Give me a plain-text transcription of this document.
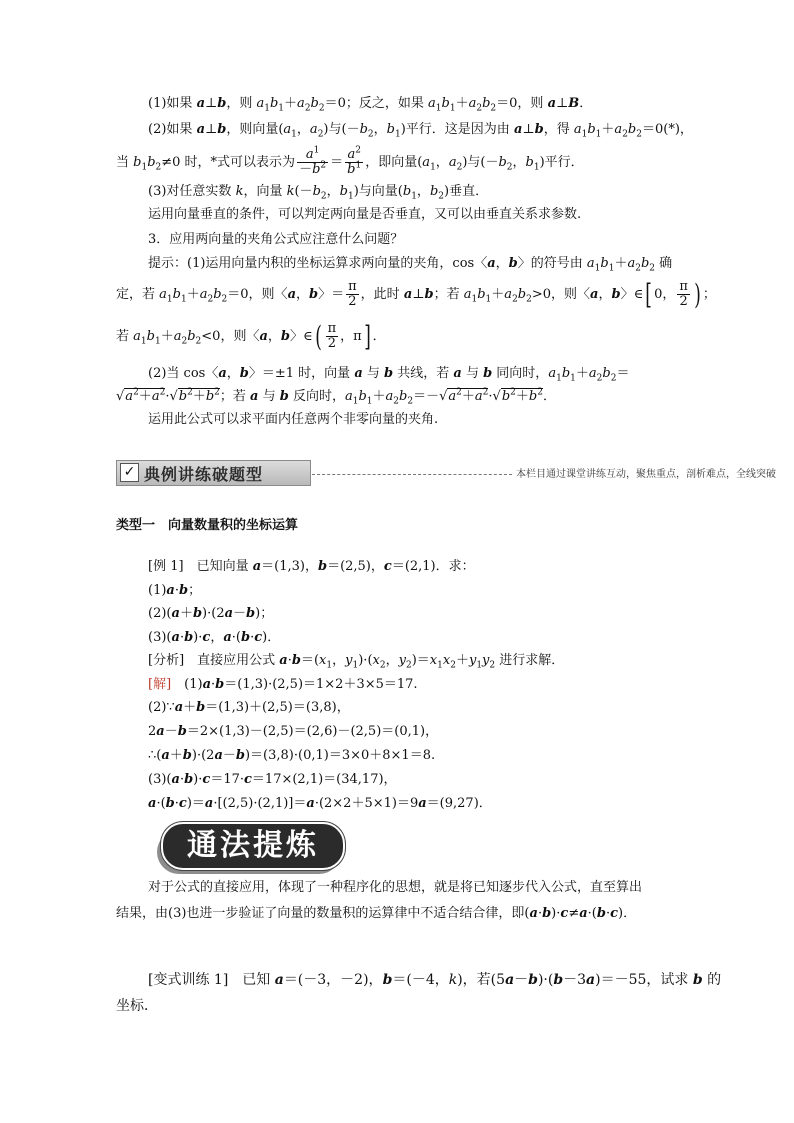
(1)如果 a⊥b，则 $a_1b_1+a_2b_2=0$；反之，如果 $a_1b_1+a_2b_2=0$，则 a⊥B．
(2)如果 a⊥b，则向量($a_1$，$a_2$)与($-b_2$，$b_1$)平行．这是因为由 a⊥b，得 $a_1b_1+a_2b_2=0(*)$，
当 $b_1b_2\ne 0$ 时，*式可以表示为 $\frac{a^1}{-b^2} = \frac{a^2}{b^1}$ ，即向量($a_1$，$a_2$)与($-b_2$，$b_1$)平行．
(3)对任意实数 k，向量 $k(-b_2$，$b_1$)与向量($b_1$，$b_2$)垂直．
运用向量垂直的条件，可以判定两向量是否垂直，又可以由垂直关系求参数.
3．应用两向量的夹角公式应注意什么问题？
提示：(1)运用向量内积的坐标运算求两向量的夹角，cos〈a，b〉的符号由 $a_1b_1+a_2b_2$ 确
定，若 $a_1b_1+a_2b_2=0$，则〈a，b〉＝ $\frac{\pi}{2}$ ，此时 a⊥b；若 $a_1b_1+a_2b_2>0$，则〈a，b〉∈[ 0， $\frac{\pi}{2}$ ) ；
若 $a_1b_1+a_2b_2<0$，则〈a，b〉∈( $\frac{\pi}{2}$ ，π] ．
(2)当 cos〈a，b〉＝±1 时，向量 a 与 b 共线，若 a 与 b 同向时，$a_1b_1+a_2b_2=$
$√a^2+a^2\cdot√b^2+b^2$；若 a 与 b 反向时，$a_1b_1+a_2b_2=-√a^2+a^2\cdot√b^2+b^2$．
运用此公式可以求平面内任意两个非零向量的夹角.
✓ 典例讲练破题型	本栏目通过课堂讲练互动，聚焦重点，剖析难点，全线突破
类型一　向量数量积的坐标运算
[例 1]　已知向量 a＝(1,3)，b＝(2,5)，c＝(2,1)．求：
(1)a·b；
(2)(a＋b)·(2a－b)；
(3)(a·b)·c，a·(b·c)．
[分析]　直接应用公式 $a\cdot b=(x_1$，$y_1)\cdot(x_2$，$y_2)=x_1x_2+y_1y_2$ 进行求解．
[解]　(1)a·b＝(1,3)·(2,5)＝1×2＋3×5＝17.
(2)∵a＋b＝(1,3)＋(2,5)＝(3,8)，
2a－b＝2×(1,3)－(2,5)＝(2,6)－(2,5)＝(0,1)，
∴(a＋b)·(2a－b)＝(3,8)·(0,1)＝3×0＋8×1＝8.
(3)(a·b)·c＝17·c＝17×(2,1)＝(34,17)，
a·(b·c)＝a·[(2,5)·(2,1)]＝a·(2×2＋5×1)＝9a＝(9,27)．
通法提炼
对于公式的直接应用，体现了一种程序化的思想，就是将已知逐步代入公式，直至算出
结果，由(3)也进一步验证了向量的数量积的运算律中不适合结合律，即(a·b)·c≠a·(b·c)．
[变式训练 1]　已知 a＝(－3，－2)，b＝(－4，k)，若(5a－b)·(b－3a)＝－55，试求 b 的
坐标．
